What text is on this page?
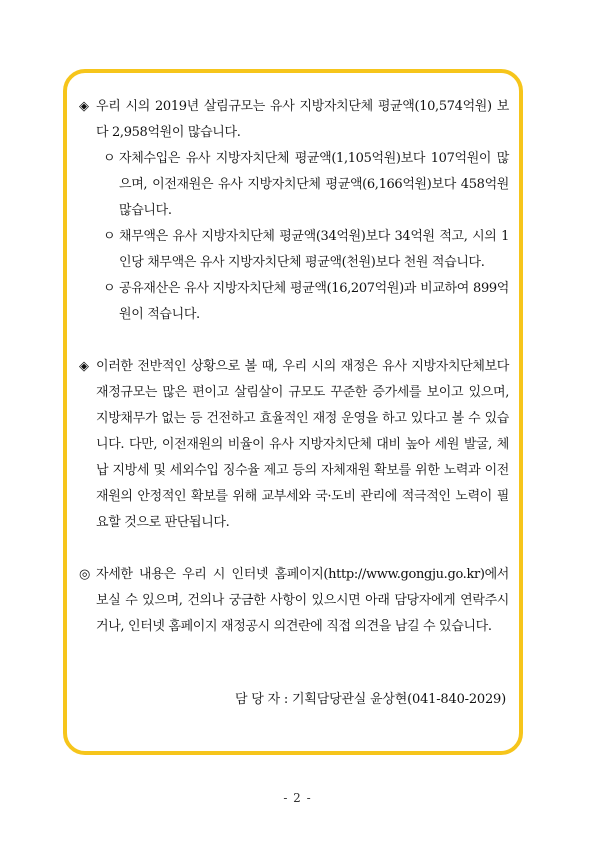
◈ 우리 시의 2019년 살림규모는 유사 지방자치단체 평균액(10,574억원) 보다 2,958억원이 많습니다.
ㅇ 자체수입은 유사 지방자치단체 평균액(1,105억원)보다 107억원이 많으며, 이전재원은 유사 지방자치단체 평균액(6,166억원)보다 458억원 많습니다.
ㅇ 채무액은 유사 지방자치단체 평균액(34억원)보다 34억원 적고, 시의 1인당 채무액은 유사 지방자치단체 평균액(천원)보다 천원 적습니다.
ㅇ 공유재산은 유사 지방자치단체 평균액(16,207억원)과 비교하여 899억원이 적습니다.
◈ 이러한 전반적인 상황으로 볼 때, 우리 시의 재정은 유사 지방자치단체보다 재정규모는 많은 편이고 살림살이 규모도 꾸준한 증가세를 보이고 있으며, 지방채무가 없는 등 건전하고 효율적인 재정 운영을 하고 있다고 볼 수 있습니다. 다만, 이전재원의 비율이 유사 지방자치단체 대비 높아 세원 발굴, 체납 지방세 및 세외수입 징수율 제고 등의 자체재원 확보를 위한 노력과 이전재원의 안정적인 확보를 위해 교부세와 국·도비 관리에 적극적인 노력이 필요할 것으로 판단됩니다.
◎ 자세한 내용은 우리 시 인터넷 홈페이지(http://www.gongju.go.kr)에서 보실 수 있으며, 건의나 궁금한 사항이 있으시면 아래 담당자에게 연락주시거나, 인터넷 홈페이지 재정공시 의견란에 직접 의견을 남길 수 있습니다.
담 당 자 : 기획담당관실 윤상현(041-840-2029)
- 2 -
